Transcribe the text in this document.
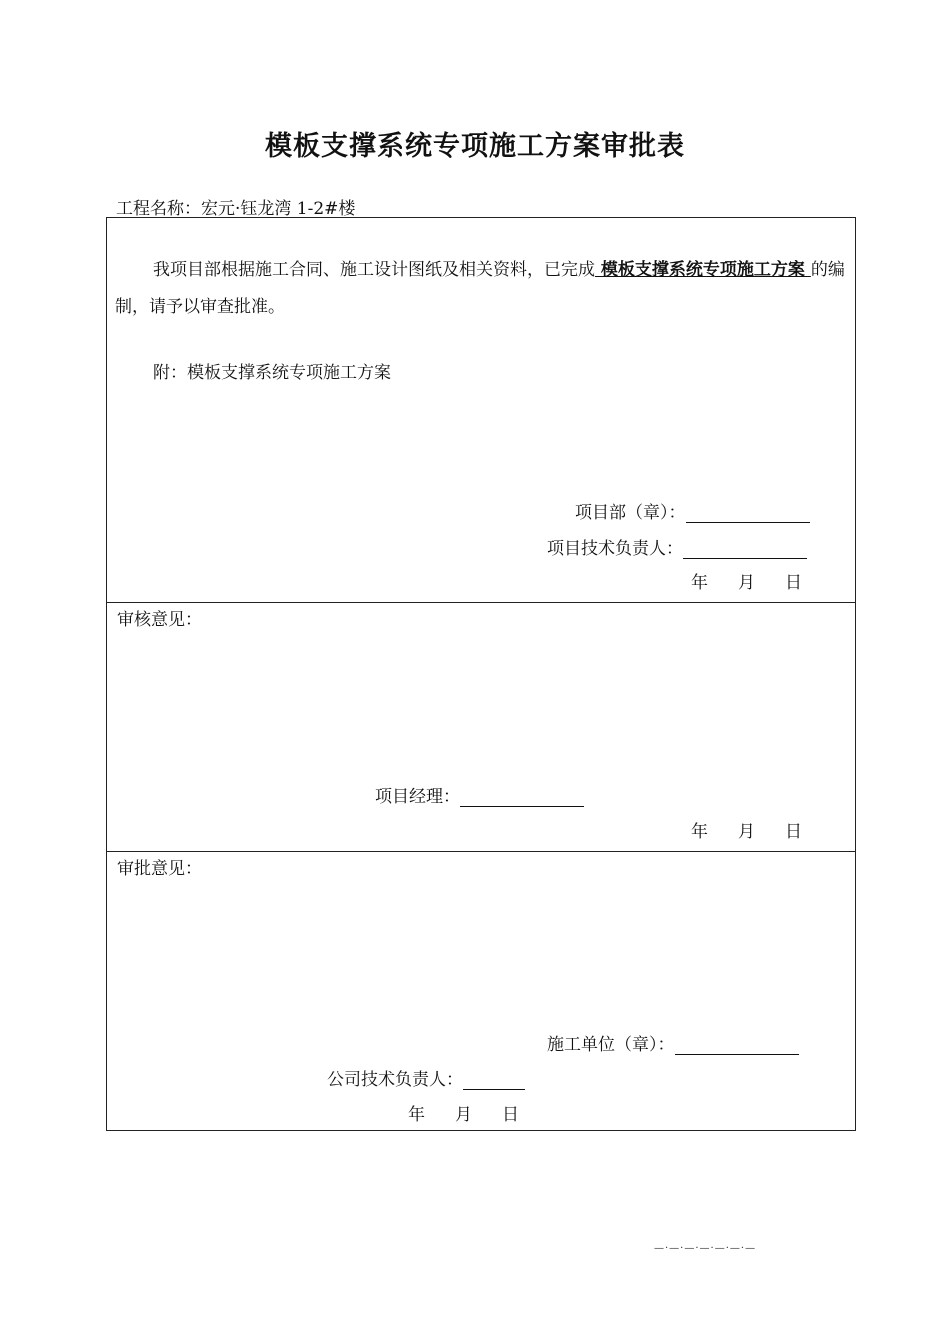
模板支撑系统专项施工方案审批表
工程名称：宏元·钰龙湾 1-2#楼
我项目部根据施工合同、施工设计图纸及相关资料，已完成 模板支撑系统专项施工方案 的编制，请予以审查批准。
附：模板支撑系统专项施工方案
项目部（章）：
项目技术负责人：
年 月 日
审核意见：
项目经理：
年 月 日
审批意见：
施工单位（章）：
公司技术负责人：
年 月 日
—·—·—·—·—·—·—
